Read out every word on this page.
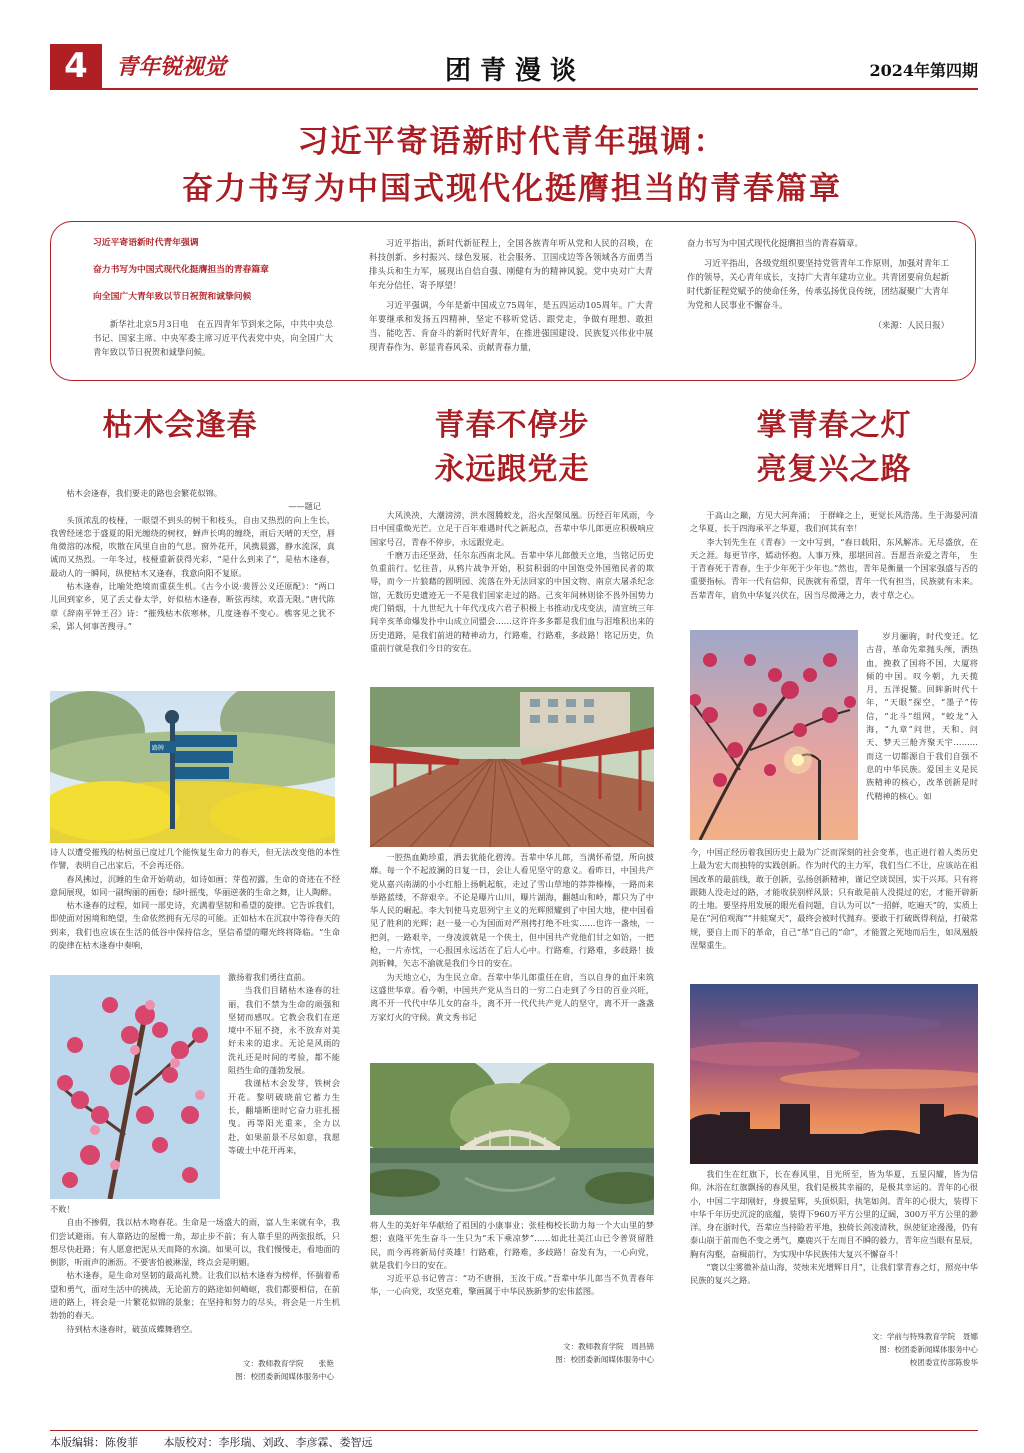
4	青年锐视觉	团青漫谈	2024年第四期
习近平寄语新时代青年强调：
奋力书写为中国式现代化挺膺担当的青春篇章

习近平寄语新时代青年强调

奋力书写为中国式现代化挺膺担当的青春篇章

向全国广大青年致以节日祝贺和诚挚问候

新华社北京5月3日电　在五四青年节到来之际，中共中央总书记、国家主席、中央军委主席习近平代表党中央，向全国广大青年致以节日祝贺和诚挚问候。

习近平指出，新时代新征程上，全国各族青年听从党和人民的召唤，在科技创新、乡村振兴、绿色发展、社会服务、卫国戍边等各领域各方面勇当排头兵和生力军，展现出自信自强、刚健有为的精神风貌。党中央对广大青年充分信任、寄予厚望！

习近平强调，今年是新中国成立75周年，是五四运动105周年。广大青年要继承和发扬五四精神，坚定不移听党话、跟党走，争做有理想、敢担当、能吃苦、肯奋斗的新时代好青年，在推进强国建设、民族复兴伟业中展现青春作为、彰显青春风采、贡献青春力量，

奋力书写为中国式现代化挺膺担当的青春篇章。

习近平指出，各级党组织要坚持党管青年工作原则，加强对青年工作的领导，关心青年成长，支持广大青年建功立业。共青团要肩负起新时代新征程党赋予的使命任务，传承弘扬优良传统，团结凝聚广大青年为党和人民事业不懈奋斗。

（来源：人民日报）

枯木会逢春

枯木会逢春，我们要走的路也会繁花似锦。

——题记

头顶浓乱的枝桠，一眼望不到头的树干和枝头，自由又热烈的向上生长，我曾经迷恋于盛夏的阳光缠绕的树杈，蝉声长鸣的缠绕，雨后天晴的天空，唇角微溶的冰棍，吹散在风里自由的气息。窗外花开，风携晨露，静水流深，真诚而又热烈。一年冬过，枝桠重新获得光彩，“是什么到来了”，是枯木逢春，最动人的一瞬间，纵使枯木又逢春，我意向阳不复原。

枯木逢春，比喻处绝境而重获生机。《古今小说·裴晋公义还原配》：“两口儿回到家乡，见了丢丈眷太学，好似枯木逢春，断弦再续，欢喜无限。”唐代陈章《辞南平钟王召》诗：“摧残枯木依寒林，几度逢春不变心。樵客见之犹不采，郢人何事苦搜寻。”

路牌

诗人以遭受摧残的枯树虽已度过几个能恢复生命力的春天，但无法改变他的本性作譬，表明自己出家后，不会再还俗。

春风拂过，沉睡的生命开始萌动，如诗如画；芽苞初露，生命的奇迹在不经意间展现，如同一副绚丽的画卷；绿叶摇曳，华丽逆袭的生命之舞，让人陶醉。

枯木逢春的过程，如同一部史诗，充满着坚韧和希望的旋律。它告诉我们，即使面对困境和绝望，生命依然拥有无尽的可能。正如枯木在沉寂中等待春天的到来，我们也应该在生活的低谷中保持信念，坚信希望的曙光终将降临。“生命的旋律在枯木逢春中奏响，

激扬着我们勇往直前。

当我们目睹枯木逢春的壮丽，我们不禁为生命的顽强和坚韧而感叹。它教会我们在逆境中不屈不挠，永不放弃对美好未来的追求。无论是风雨的洗礼还是时间的考验，都不能阻挡生命的蓬勃发展。

我谨枯木会发芽，铁树会开花。黎明破晓前它蓄力生长，翻墙断崖时它奋力驻扎摇曳。再等阳光重来，全力以赴，如果前景不尽如意，我愿等破土中花开再来，

不败！

自由不掺假，我以枯木吻春花。生命是一场盛大的雨，富人生来就有伞，我们尝试避雨。有人靠路边的屋檐一角，却止步不前；有人靠手里的两张报纸，只想尽快赶路；有人愿意把泥从天而降的水滴。如果可以，我们慢慢走，看地面的倒影，听雨声的淅沥。不要害怕被淋湿，终点会是明媚。

枯木逢春，是生命对坚韧的最高礼赞。让我们以枯木逢春为榜样，怀揣着希望和勇气，面对生活中的挑战，无论前方的路途如何崎岖，我们都要相信，在前进的路上，将会是一片繁花似锦的景象；在坚持和努力的尽头，将会是一片生机勃勃的春天。

待到枯木逢春时，破茧成蝶舞碧空。

文：教师教育学院　　张艳
图：校团委新闻媒体服务中心
青春不停步
永远跟党走

大风泱泱，大潮滂滂，洪水图腾蛟龙，浴火涅槃凤凰。历经百年风雨，今日中国重焕光芒。立足于百年难遇时代之新起点，吾辈中华儿郎更应积极响应国家号召，青春不停步，永远跟党走。

千磨万击还坚劲，任尔东西南北风。吾辈中华儿郎傲天立地，当铭记历史负重前行。忆往昔，从鸦片战争开始，积贫积弱的中国饱受外国殖民者的欺辱，而今一片狼藉的圆明园、流落在外无法回家的中国文物、南京大屠杀纪念馆，无数历史遗迹无一不是我们国家走过的路。己亥年间林则徐不畏外国势力虎门销烟，十九世纪九十年代戊戌六君子积极上书推动戊戌变法，清宣统三年间辛亥革命爆发扑中山成立同盟会……这许许多多都是我们血与泪堆积出来的历史道路，是我们前进的精神动力，行路难，行路难，多歧路！铭记历史，负重前行就是我们今日的安在。

一腔热血勤珍重，洒去犹能化碧涛。吾辈中华儿郎，当满怀希望，所向披靡。每一个不起波澜的日复一日，会让人看见坚守的意义。看昨日，中国共产党从嘉兴南湖的小小红船上扬帆起航，走过了雪山草地的莽莽榛榛，一路而来举路蓝缕，不辞艰辛。不论是曝片山川，曝片湖海，翻越山和岭，都只为了中华人民的崛起。李大钊使马克思列宁主义的光辉照耀到了中国大地，使中国看见了胜利的光辉；赵一曼一心为国面对严刑拷打绝不吐实……也许一盏烛，一把剑，一路艰辛，一身凌波就是一个侠士，但中国共产党他们甘之如饴，一把枪，一片赤忱，一心报国永远活在了后人心中。行路难，行路难，多歧路！拔剑斩棘，矢志不渝就是我们今日的安在。

为天地立心，为生民立命。吾辈中华儿郎重任在肩，当以自身的血汗来筑这盛世华章。看今朝，中国共产党从当日的一穷二白走到了今日的百业兴旺，离不开一代代中华儿女的奋斗，离不开一代代共产党人的坚守，离不开一盏盏万家灯火的守候。黄文秀书记

将人生的美好年华献给了祖国的小康事业；张桂梅校长助力每一个大山里的梦想；袁隆平先生奋斗一生只为“禾下乘凉梦”……如此壮美江山已令普贤留胜民，而今再将新局付英雄！行路难，行路难，多歧路！奋发有为，一心向党，就是我们今日的安在。

习近平总书记曾言：“功不唐捐，玉汝于成。”吾辈中华儿郎当不负青春年华，一心向党，攻坚克难，擎画属于中华民族新梦的宏伟蓝图。

文：教师教育学院　周昌锦
图：校团委新闻媒体服务中心
掌青春之灯
亮复兴之路

于高山之巅，方见大河奔涌；　于群峰之上，更觉长风浩荡。生于海晏河清之华夏，长于四海承平之华夏，我们何其有幸！

李大钊先生在《青春》一文中写到，“春日载阳，东风解冻。无尽盛放，在天之涯。每更节序，嫣动怀抱。人事万殊，那堪回首。吾愿吾亲爱之青年，　生于青春死于青春，生于少年死于少年也。”然也，青年是衡量一个国家强盛与否的重要指标。青年一代有信仰，民族就有希望，青年一代有担当，民族就有未来。吾辈青年，肩负中华复兴伏在，因当尽微薄之力，表寸草之心。

岁月骊驹，时代变迁。忆古昔，革命先辈抛头颅，洒热血，挽救了国将不国，大厦将倾的中国。叹今朝，九天揽月，五洋捉鳖。回眸新时代十年，“天眼”探空，“墨子”传信，“北斗”组网，“蛟龙”入海，“九章”问世，天和、问天、梦天三舱齐聚天宇………而这一切都源自于我们自强不息的中华民族。爱国主义是民族精神的核心，改革创新是时代精神的核心。如

今，中国正经历着我国历史上最为广泛而深刻的社会变革，也正进行着人类历史上最为宏大而独特的实践创新。作为时代的主力军，我们当仁不让，应该站在祖国改革的最前线，敢于创新，弘扬创新精神，谨记空谈误国，实干兴邦。只有将跟随人没走过的路，才能收获别样风景；只有敢是前人没提过的宏，才能开辟新的土地。要坚持用发展的眼光看问题，自认为可以“一招鲜，吃遍天”的，实质上是在“河伯观海”“井蛙窥天”，最终会被时代抛弃。要敢于打破既得利益，打破常规，要自上而下的革命，自己“革”自己的“命”，才能置之死地而后生，如凤凰般涅槃重生。

我们生在红旗下，长在春风里，目光所至，皆为华夏，五星闪耀，皆为信仰。沐浴在红旗飘扬的春风里，我们是极其幸福的，是极其幸运的。青年的心很小，中国二字却刚好，身披星辉，头顶炽阳，执笔如剑。青年的心很大，装得下中华千年历史沉淀的底蕴，装得下960万平方公里的辽阔，300万平方公里的渺洋。身在浙时代，吾辈应当持险若平地，独倚长剑凌清秋，纵使征途漫漫，仍有泰山崩于前而色不变之勇气，麋鹿兴于左而目不瞬的毅力，青年应当眼有星辰，胸有沟壑，奋楫前行，为实现中华民族伟大复兴不懈奋斗！

“寰以尘雾微补益山海，荧烛末光增辉日月”，让我们掌青春之灯，照亮中华民族的复兴之路。

文：学前与特殊教育学院　聂娜
图：校团委新闻媒体服务中心
校团委宣传部陈俊华
本版编辑：陈俊菲 本版校对：李彤瑞、刘政、李彦霖、娄智远
